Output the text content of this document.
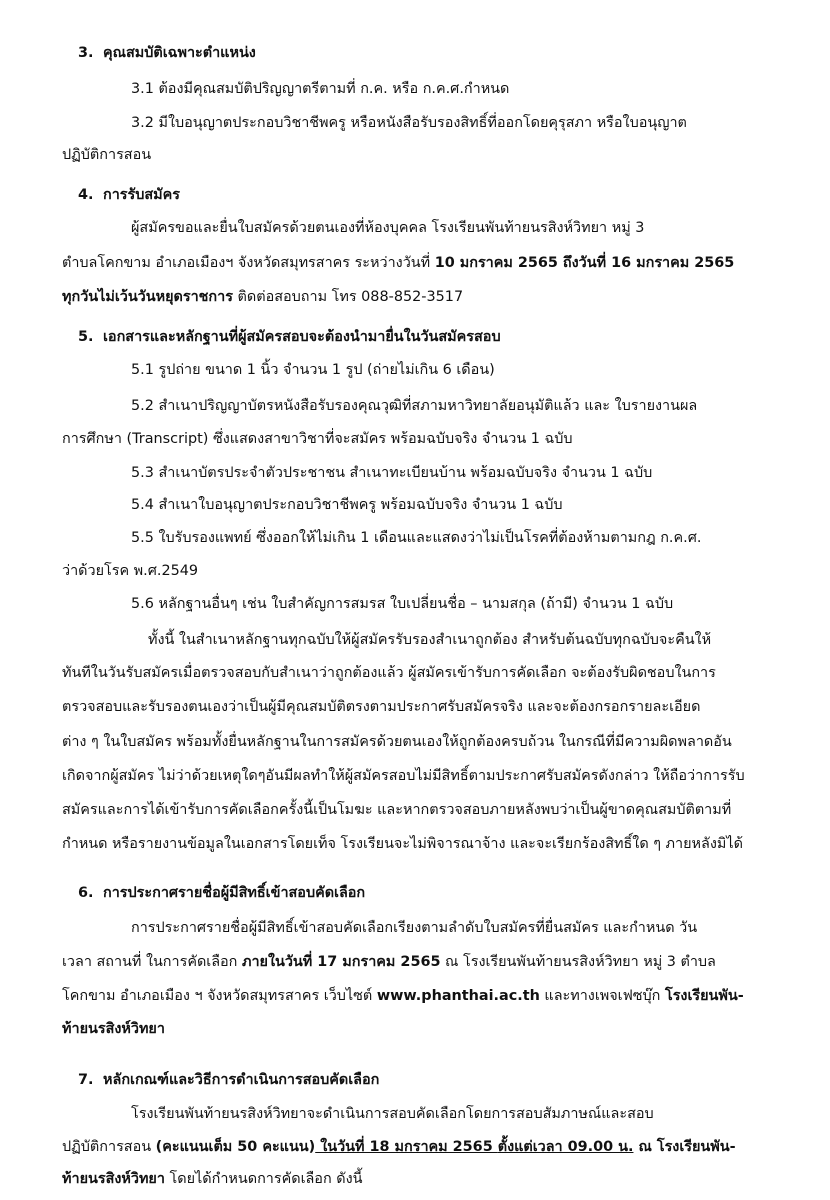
3. คุณสมบัติเฉพาะตำแหน่ง
3.1 ต้องมีคุณสมบัติปริญญาตรีตามที่ ก.ค. หรือ ก.ค.ศ.กำหนด
3.2 มีใบอนุญาตประกอบวิชาชีพครู หรือหนังสือรับรองสิทธิ์ที่ออกโดยคุรุสภา หรือใบอนุญาต
ปฏิบัติการสอน
4. การรับสมัคร
ผู้สมัครขอและยื่นใบสมัครด้วยตนเองที่ห้องบุคคล โรงเรียนพันท้ายนรสิงห์วิทยา หมู่ 3
ตำบลโคกขาม อำเภอเมืองฯ จังหวัดสมุทรสาคร ระหว่างวันที่ 10 มกราคม 2565 ถึงวันที่ 16 มกราคม 2565
ทุกวันไม่เว้นวันหยุดราชการ ติดต่อสอบถาม โทร 088-852-3517
5. เอกสารและหลักฐานที่ผู้สมัครสอบจะต้องนำมายื่นในวันสมัครสอบ
5.1 รูปถ่าย ขนาด 1 นิ้ว จำนวน 1 รูป (ถ่ายไม่เกิน 6 เดือน)
5.2 สำเนาปริญญาบัตรหนังสือรับรองคุณวุฒิที่สภามหาวิทยาลัยอนุมัติแล้ว และ ใบรายงานผล
การศึกษา (Transcript) ซึ่งแสดงสาขาวิชาที่จะสมัคร พร้อมฉบับจริง จำนวน 1 ฉบับ
5.3 สำเนาบัตรประจำตัวประชาชน สำเนาทะเบียนบ้าน พร้อมฉบับจริง จำนวน 1 ฉบับ
5.4 สำเนาใบอนุญาตประกอบวิชาชีพครู พร้อมฉบับจริง จำนวน 1 ฉบับ
5.5 ใบรับรองแพทย์ ซึ่งออกให้ไม่เกิน 1 เดือนและแสดงว่าไม่เป็นโรคที่ต้องห้ามตามกฎ ก.ค.ศ.
ว่าด้วยโรค พ.ศ.2549
5.6 หลักฐานอื่นๆ เช่น ใบสำคัญการสมรส ใบเปลี่ยนชื่อ – นามสกุล (ถ้ามี) จำนวน 1 ฉบับ
ทั้งนี้ ในสำเนาหลักฐานทุกฉบับให้ผู้สมัครรับรองสำเนาถูกต้อง สำหรับต้นฉบับทุกฉบับจะคืนให้
ทันทีในวันรับสมัครเมื่อตรวจสอบกับสำเนาว่าถูกต้องแล้ว ผู้สมัครเข้ารับการคัดเลือก จะต้องรับผิดชอบในการ
ตรวจสอบและรับรองตนเองว่าเป็นผู้มีคุณสมบัติตรงตามประกาศรับสมัครจริง และจะต้องกรอกรายละเอียด
ต่าง ๆ ในใบสมัคร พร้อมทั้งยื่นหลักฐานในการสมัครด้วยตนเองให้ถูกต้องครบถ้วน ในกรณีที่มีความผิดพลาดอัน
เกิดจากผู้สมัคร ไม่ว่าด้วยเหตุใดๆอันมีผลทำให้ผู้สมัครสอบไม่มีสิทธิ์ตามประกาศรับสมัครดังกล่าว ให้ถือว่าการรับ
สมัครและการได้เข้ารับการคัดเลือกครั้งนี้เป็นโมฆะ และหากตรวจสอบภายหลังพบว่าเป็นผู้ขาดคุณสมบัติตามที่
กำหนด หรือรายงานข้อมูลในเอกสารโดยเท็จ โรงเรียนจะไม่พิจารณาจ้าง และจะเรียกร้องสิทธิ์ใด ๆ ภายหลังมิได้
6. การประกาศรายชื่อผู้มีสิทธิ์เข้าสอบคัดเลือก
การประกาศรายชื่อผู้มีสิทธิ์เข้าสอบคัดเลือกเรียงตามลำดับใบสมัครที่ยื่นสมัคร และกำหนด วัน
เวลา สถานที่ ในการคัดเลือก ภายในวันที่ 17 มกราคม 2565 ณ โรงเรียนพันท้ายนรสิงห์วิทยา หมู่ 3 ตำบล
โคกขาม อำเภอเมือง ฯ จังหวัดสมุทรสาคร เว็บไซต์ www.phanthai.ac.th และทางเพจเฟซบุ๊ก โรงเรียนพัน-
ท้ายนรสิงห์วิทยา
7. หลักเกณฑ์และวิธีการดำเนินการสอบคัดเลือก
โรงเรียนพันท้ายนรสิงห์วิทยาจะดำเนินการสอบคัดเลือกโดยการสอบสัมภาษณ์และสอบ
ปฏิบัติการสอน (คะแนนเต็ม 50 คะแนน) ในวันที่ 18 มกราคม 2565 ตั้งแต่เวลา 09.00 น. ณ โรงเรียนพัน-
ท้ายนรสิงห์วิทยา โดยได้กำหนดการคัดเลือก ดังนี้
